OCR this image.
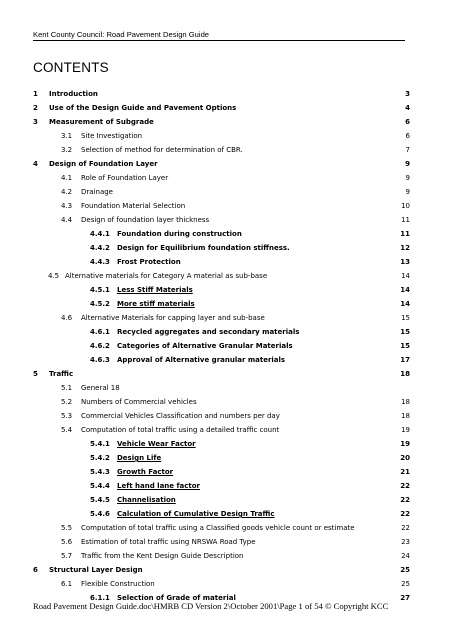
Kent County Council: Road Pavement Design Guide
CONTENTS
1 Introduction	3
2 Use of the Design Guide and Pavement Options	4
3 Measurement of Subgrade	6
3.1 Site Investigation	6
3.2 Selection of method for determination of CBR.	7
4 Design of Foundation Layer	9
4.1 Role of Foundation Layer	9
4.2 Drainage	9
4.3 Foundation Material Selection	10
4.4 Design of foundation layer thickness	11
4.4.1 Foundation during construction	11
4.4.2 Design for Equilibrium foundation stiffness.	12
4.4.3 Frost Protection	13
4.5 Alternative materials for Category A material as sub-base	14
4.5.1 Less Stiff Materials	14
4.5.2 More stiff materials	14
4.6 Alternative Materials for capping layer and sub-base	15
4.6.1 Recycled aggregates and secondary materials	15
4.6.2 Categories of Alternative Granular Materials	15
4.6.3 Approval of Alternative granular materials	17
5 Traffic	18
5.1 General 18
5.2 Numbers of Commercial vehicles	18
5.3 Commercial Vehicles Classification and numbers per day	18
5.4 Computation of total traffic using a detailed traffic count	19
5.4.1 Vehicle Wear Factor	19
5.4.2 Design Life	20
5.4.3 Growth Factor	21
5.4.4 Left hand lane factor	22
5.4.5 Channelisation	22
5.4.6 Calculation of Cumulative Design Traffic	22
5.5 Computation of total traffic using a Classified goods vehicle count or estimate	22
5.6 Estimation of total traffic using NRSWA Road Type	23
5.7 Traffic from the Kent Design Guide Description	24
6 Structural Layer Design	25
6.1 Flexible Construction	25
6.1.1 Selection of Grade of material	27
Road Pavement Design Guide.doc\HMRB CD Version 2\October 2001\Page 1 of 54 © Copyright KCC
